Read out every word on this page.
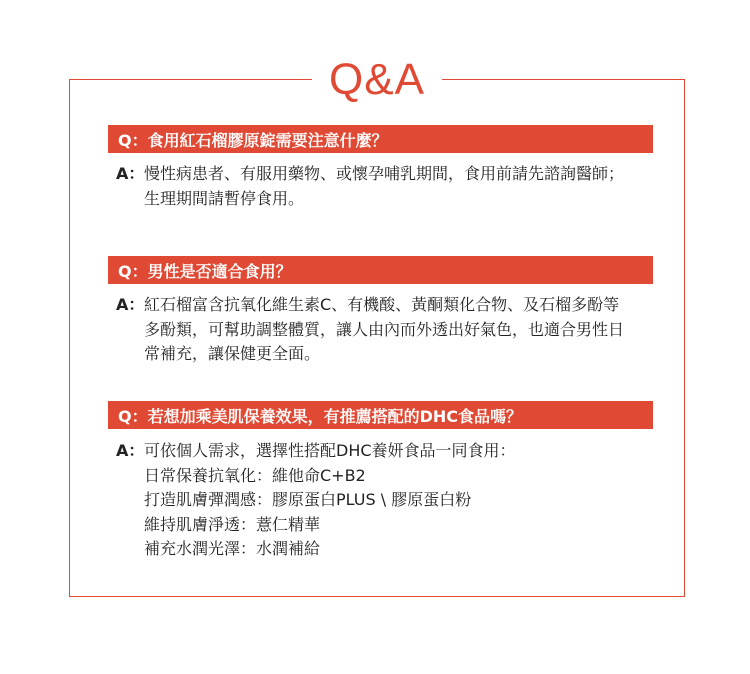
Q&A
Q：食用紅石榴膠原錠需要注意什麼？
A： 慢性病患者、有服用藥物、或懷孕哺乳期間，食用前請先諮詢醫師；
生理期間請暫停食用。
Q：男性是否適合食用？
A： 紅石榴富含抗氧化維生素C、有機酸、黃酮類化合物、及石榴多酚等
多酚類，可幫助調整體質，讓人由內而外透出好氣色，也適合男性日
常補充，讓保健更全面。
Q：若想加乘美肌保養效果，有推薦搭配的DHC食品嗎？
A： 可依個人需求，選擇性搭配DHC養妍食品一同食用：
日常保養抗氧化：維他命C+B2
打造肌膚彈潤感：膠原蛋白PLUS \ 膠原蛋白粉
維持肌膚淨透：薏仁精華
補充水潤光澤：水潤補給
